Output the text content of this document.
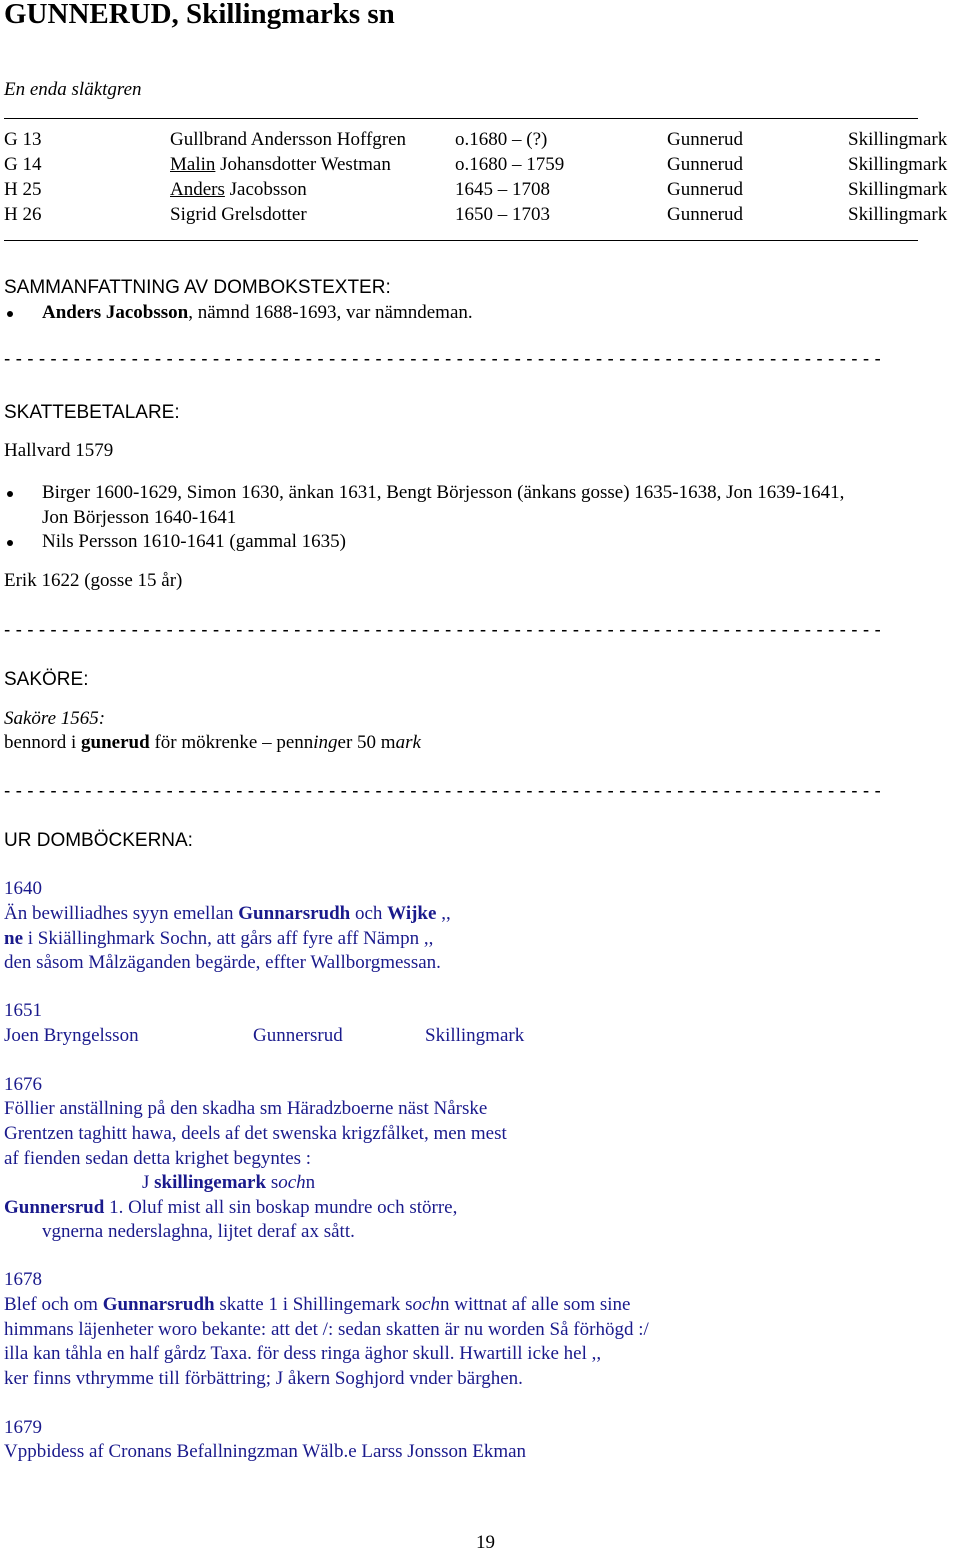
GUNNERUD, Skillingmarks sn
En enda släktgren
G 13	Gullbrand Andersson Hoffgren	o.1680 – (?)	Gunnerud	Skillingmark
G 14	Malin Johansdotter Westman	o.1680 – 1759	Gunnerud	Skillingmark
H 25	Anders Jacobsson	1645 – 1708	Gunnerud	Skillingmark
H 26	Sigrid Grelsdotter	1650 – 1703	Gunnerud	Skillingmark
SAMMANFATTNING AV DOMBOKSTEXTER:
Anders Jacobsson, nämnd 1688-1693, var nämndeman.
- - - - - - - - - - - - - - - - - - - - - - - - - - - - - - - - - - - - - - - - - - - - - - - - - - - - - - - - - - - - - - - - - - - - - - - - - - - -
SKATTEBETALARE:
Hallvard 1579
Birger 1600-1629, Simon 1630, änkan 1631, Bengt Börjesson (änkans gosse) 1635-1638, Jon 1639-1641,
Jon Börjesson 1640-1641
Nils Persson 1610-1641 (gammal 1635)
Erik 1622 (gosse 15 år)
- - - - - - - - - - - - - - - - - - - - - - - - - - - - - - - - - - - - - - - - - - - - - - - - - - - - - - - - - - - - - - - - - - - - - - - - - - - -
SAKÖRE:
Saköre 1565:
bennord i gunerud för mökrenke – penninger 50 mark
- - - - - - - - - - - - - - - - - - - - - - - - - - - - - - - - - - - - - - - - - - - - - - - - - - - - - - - - - - - - - - - - - - - - - - - - - - - -
UR DOMBÖCKERNA:
1640
Än bewilliadhes syyn emellan Gunnarsrudh och Wijke ,,
ne i Skiällinghmark Sochn, att gårs aff fyre aff Nämpn ,,
den såsom Målzäganden begärde, effter Wallborgmessan.
1651
Joen Bryngelsson	Gunnersrud	Skillingmark
1676
Föllier anställning på den skadha sm Häradzboerne näst Nårske
Grentzen taghitt hawa, deels af det swenska krigzfålket, men mest
af fienden sedan detta krighet begyntes :
J skillingemark sochn
Gunnersrud 1. Oluf mist all sin boskap mundre och större,
vgnerna nederslaghna, lijtet deraf ax sått.
1678
Blef och om Gunnarsrudh skatte 1 i Shillingemark sochn wittnat af alle som sine
himmans läjenheter woro bekante: att det /: sedan skatten är nu worden Så förhögd :/
illa kan tåhla en half gårdz Taxa. för dess ringa äghor skull. Hwartill icke hel ,,
ker finns vthrymme till förbättring; J åkern Soghjord vnder bärghen.
1679
Vppbidess af Cronans Befallningzman Wälb.e Larss Jonsson Ekman
19
